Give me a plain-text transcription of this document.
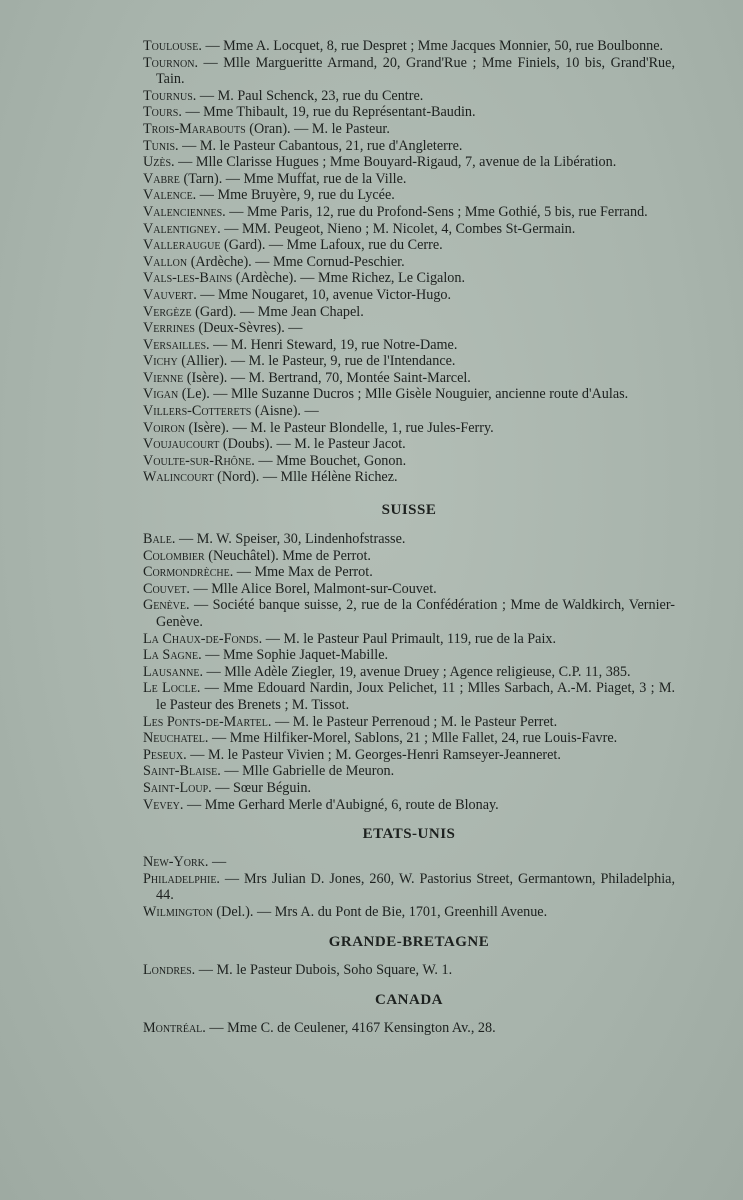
Toulouse. — Mme A. Locquet, 8, rue Despret ; Mme Jacques Monnier, 50, rue Boulbonne.

Tournon. — Mlle Margueritte Armand, 20, Grand'Rue ; Mme Finiels, 10 bis, Grand'Rue, Tain.

Tournus. — M. Paul Schenck, 23, rue du Centre.

Tours. — Mme Thibault, 19, rue du Représentant-Baudin.

Trois-Marabouts (Oran). — M. le Pasteur.

Tunis. — M. le Pasteur Cabantous, 21, rue d'Angleterre.

Uzès. — Mlle Clarisse Hugues ; Mme Bouyard-Rigaud, 7, avenue de la Libération.

Vabre (Tarn). — Mme Muffat, rue de la Ville.

Valence. — Mme Bruyère, 9, rue du Lycée.

Valenciennes. — Mme Paris, 12, rue du Profond-Sens ; Mme Gothié, 5 bis, rue Ferrand.

Valentigney. — MM. Peugeot, Nieno ; M. Nicolet, 4, Combes St-Germain.

Valleraugue (Gard). — Mme Lafoux, rue du Cerre.

Vallon (Ardèche). — Mme Cornud-Peschier.

Vals-les-Bains (Ardèche). — Mme Richez, Le Cigalon.

Vauvert. — Mme Nougaret, 10, avenue Victor-Hugo.

Vergèze (Gard). — Mme Jean Chapel.

Verrines (Deux-Sèvres). —

Versailles. — M. Henri Steward, 19, rue Notre-Dame.

Vichy (Allier). — M. le Pasteur, 9, rue de l'Intendance.

Vienne (Isère). — M. Bertrand, 70, Montée Saint-Marcel.

Vigan (Le). — Mlle Suzanne Ducros ; Mlle Gisèle Nouguier, ancienne route d'Aulas.

Villers-Cotterets (Aisne). —

Voiron (Isère). — M. le Pasteur Blondelle, 1, rue Jules-Ferry.

Voujaucourt (Doubs). — M. le Pasteur Jacot.

Voulte-sur-Rhône. — Mme Bouchet, Gonon.

Walincourt (Nord). — Mlle Hélène Richez.

SUISSE

Bale. — M. W. Speiser, 30, Lindenhofstrasse.

Colombier (Neuchâtel). Mme de Perrot.

Cormondrèche. — Mme Max de Perrot.

Couvet. — Mlle Alice Borel, Malmont-sur-Couvet.

Genève. — Société banque suisse, 2, rue de la Confédération ; Mme de Waldkirch, Vernier-Genève.

La Chaux-de-Fonds. — M. le Pasteur Paul Primault, 119, rue de la Paix.

La Sagne. — Mme Sophie Jaquet-Mabille.

Lausanne. — Mlle Adèle Ziegler, 19, avenue Druey ; Agence religieuse, C.P. 11, 385.

Le Locle. — Mme Edouard Nardin, Joux Pelichet, 11 ; Mlles Sarbach, A.-M. Piaget, 3 ; M. le Pasteur des Brenets ; M. Tissot.

Les Ponts-de-Martel. — M. le Pasteur Perrenoud ; M. le Pasteur Perret.

Neuchatel. — Mme Hilfiker-Morel, Sablons, 21 ; Mlle Fallet, 24, rue Louis-Favre.

Peseux. — M. le Pasteur Vivien ; M. Georges-Henri Ramseyer-Jeanneret.

Saint-Blaise. — Mlle Gabrielle de Meuron.

Saint-Loup. — Sœur Béguin.

Vevey. — Mme Gerhard Merle d'Aubigné, 6, route de Blonay.

ETATS-UNIS

New-York. —

Philadelphie. — Mrs Julian D. Jones, 260, W. Pastorius Street, Germantown, Philadelphia, 44.

Wilmington (Del.). — Mrs A. du Pont de Bie, 1701, Greenhill Avenue.

GRANDE-BRETAGNE

Londres. — M. le Pasteur Dubois, Soho Square, W. 1.

CANADA

Montréal. — Mme C. de Ceulener, 4167 Kensington Av., 28.
